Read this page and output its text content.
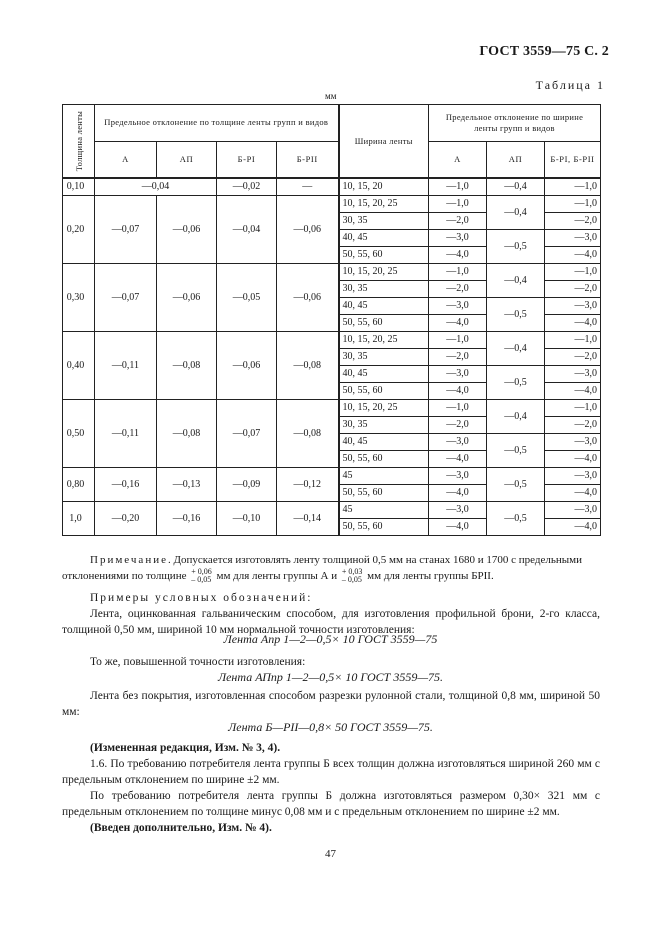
ГОСТ 3559—75 С. 2
Таблица 1
мм
Толщина ленты	Предельное отклонение по толщине ленты групп и видов				Ширина ленты	Предельное отклонение по ширине ленты групп и видов		
	А	АП	Б-РI	Б-РII		А	АП	Б-РI, Б-РII
0,10	—0,04		—0,02	—	10, 15, 20	—1,0	—0,4	—1,0
0,20	—0,07	—0,06	—0,04	—0,06	10, 15, 20, 25	—1,0	—0,4	—1,0
					30, 35	—2,0		—2,0
					40, 45	—3,0	—0,5	—3,0
					50, 55, 60	—4,0		—4,0
0,30	—0,07	—0,06	—0,05	—0,06	10, 15, 20, 25	—1,0	—0,4	—1,0
					30, 35	—2,0		—2,0
					40, 45	—3,0	—0,5	—3,0
					50, 55, 60	—4,0		—4,0
0,40	—0,11	—0,08	—0,06	—0,08	10, 15, 20, 25	—1,0	—0,4	—1,0
					30, 35	—2,0		—2,0
					40, 45	—3,0	—0,5	—3,0
					50, 55, 60	—4,0		—4,0
0,50	—0,11	—0,08	—0,07	—0,08	10, 15, 20, 25	—1,0	—0,4	—1,0
					30, 35	—2,0		—2,0
					40, 45	—3,0	—0,5	—3,0
					50, 55, 60	—4,0		—4,0
0,80	—0,16	—0,13	—0,09	—0,12	45	—3,0	—0,5	—3,0
					50, 55, 60	—4,0		—4,0
1,0	—0,20	—0,16	—0,10	—0,14	45	—3,0	—0,5	—3,0
					50, 55, 60	—4,0		—4,0
Примечание. Допускается изготовлять ленту толщиной 0,5 мм на станах 1680 и 1700 с предельными
отклонениями по толщине + 0,06
– 0,05 мм для ленты группы А и + 0,03
– 0,05 мм для ленты группы БРII.
Примеры условных обозначений:
Лента, оцинкованная гальваническим способом, для изготовления профильной брони, 2-го класса, толщиной 0,50 мм, шириной 10 мм нормальной точности изготовления:
Лента Апр 1—2—0,5× 10 ГОСТ 3559—75
То же, повышенной точности изготовления:
Лента АПпр 1—2—0,5× 10 ГОСТ 3559—75.
Лента без покрытия, изготовленная способом разрезки рулонной стали, толщиной 0,8 мм, шириной 50 мм:
Лента Б—РII—0,8× 50 ГОСТ 3559—75.
(Измененная редакция, Изм. № 3, 4).
1.6. По требованию потребителя лента группы Б всех толщин должна изготовляться шириной 260 мм с предельным отклонением по ширине ±2 мм.
По требованию потребителя лента группы Б должна изготовляться размером 0,30× 321 мм с предельным отклонением по толщине минус 0,08 мм и с предельным отклонением по ширине ±2 мм.
(Введен дополнительно, Изм. № 4).
47
